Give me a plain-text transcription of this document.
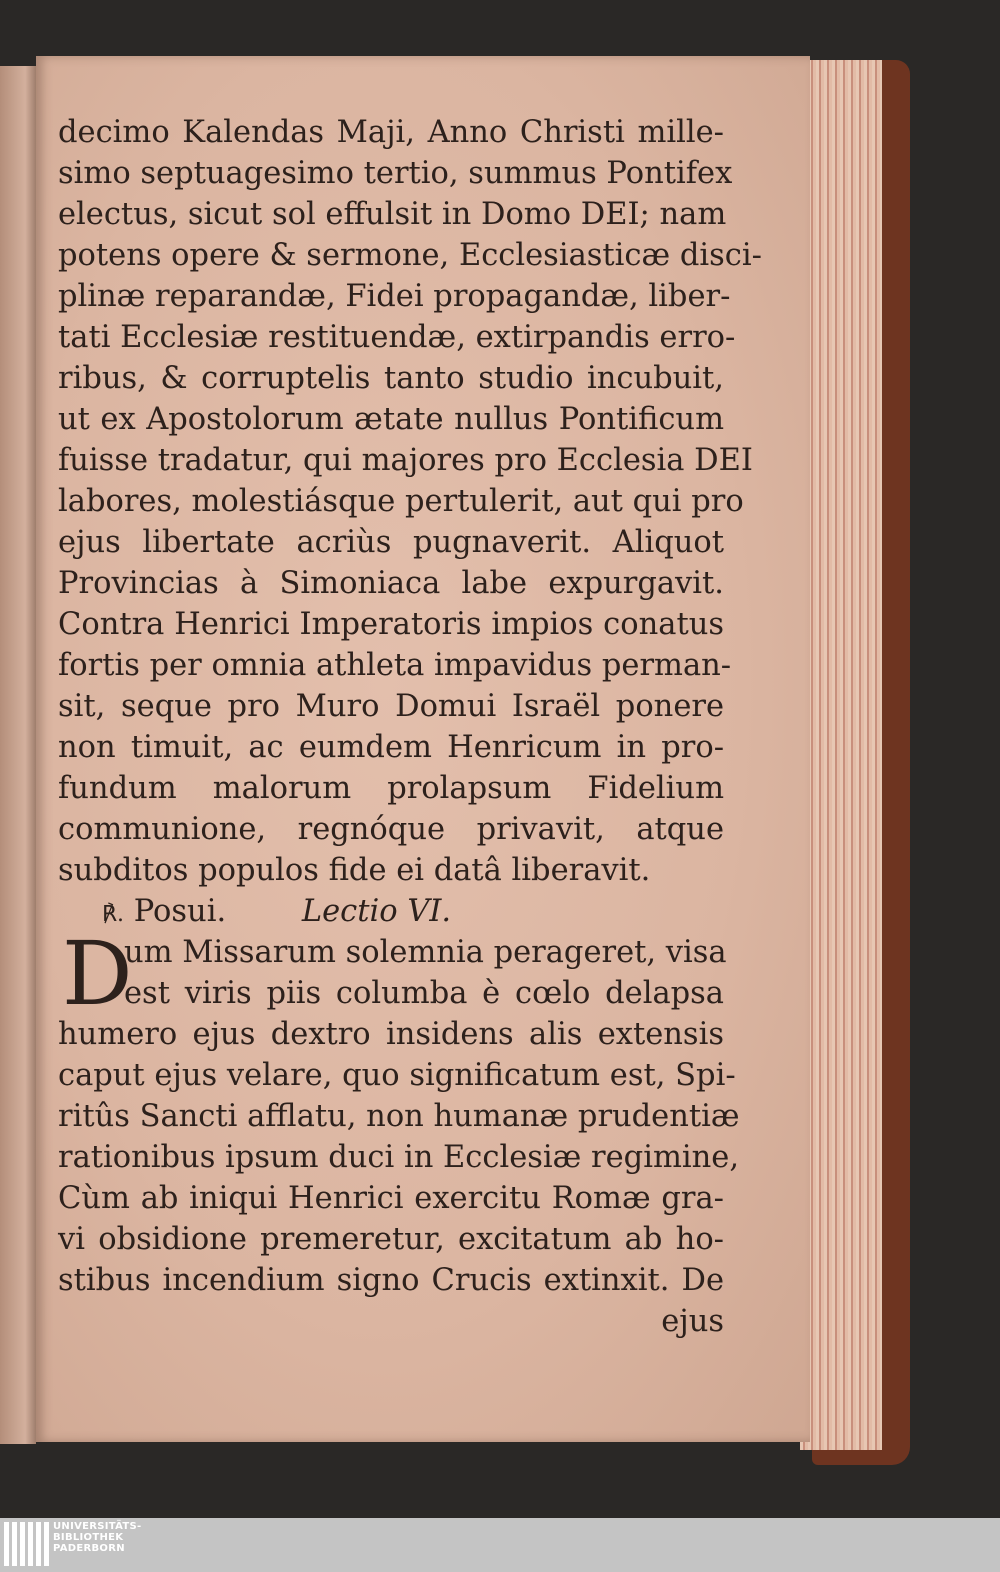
decimo Kalendas Maji, Anno Christi mille-
simo septuagesimo tertio, summus Pontifex
electus, sicut sol effulsit in Domo DEI; nam
potens opere & sermone, Ecclesiasticæ disci-
plinæ reparandæ, Fidei propagandæ, liber-
tati Ecclesiæ restituendæ, extirpandis erro-
ribus, & corruptelis tanto studio incubuit,
ut ex Apostolorum ætate nullus Pontificum
fuisse tradatur, qui majores pro Ecclesia DEI
labores, molestiásque pertulerit, aut qui pro
ejus libertate acriùs pugnaverit. Aliquot
Provincias à Simoniaca labe expurgavit.
Contra Henrici Imperatoris impios conatus
fortis per omnia athleta impavidus perman-
sit, seque pro Muro Domui Israël ponere
non timuit, ac eumdem Henricum in pro-
fundum malorum prolapsum Fidelium
communione, regnóque privavit, atque
subditos populos fide ei datâ liberavit.
℟. Posui. Lectio VI.
D
um Missarum solemnia perageret, visa
est viris piis columba è cœlo delapsa
humero ejus dextro insidens alis extensis
caput ejus velare, quo significatum est, Spi-
ritûs Sancti afflatu, non humanæ prudentiæ
rationibus ipsum duci in Ecclesiæ regimine,
Cùm ab iniqui Henrici exercitu Romæ gra-
vi obsidione premeretur, excitatum ab ho-
stibus incendium signo Crucis extinxit. De
ejus
UNIVERSITÄTS-
BIBLIOTHEK
PADERBORN
